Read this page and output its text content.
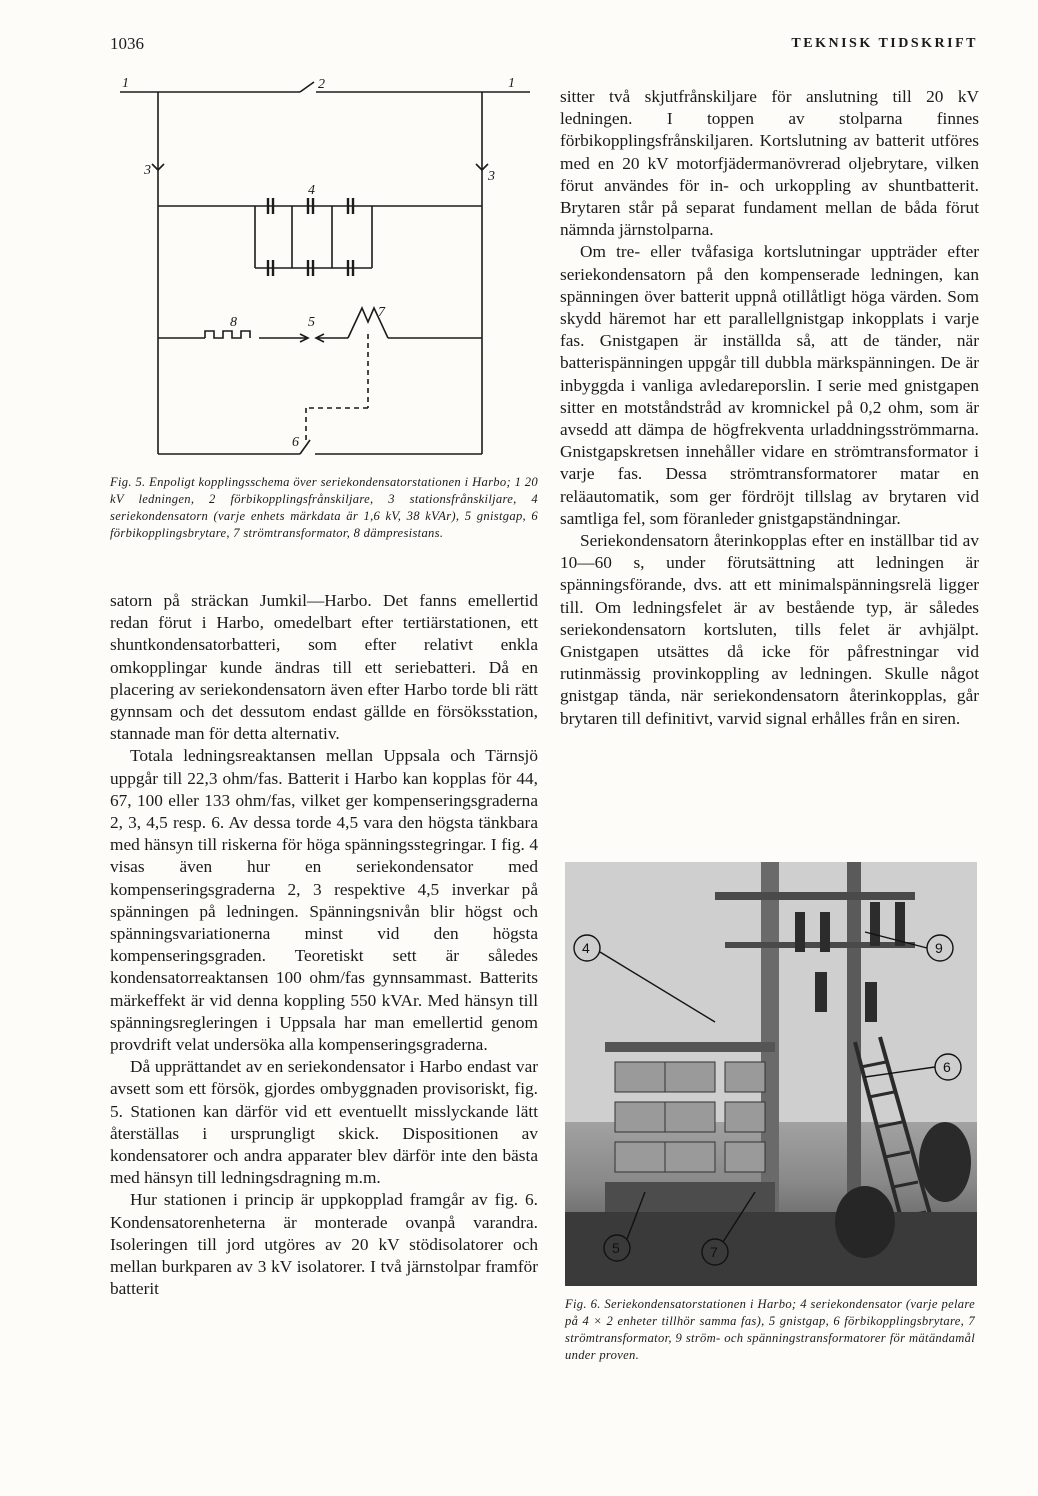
1036	TEKNISK TIDSKRIFT
1	2	1
3	3
4
8	5
7
6
Fig. 5. Enpoligt kopplingsschema över seriekondensatorstationen i Harbo; 1 20 kV ledningen, 2 förbikopplingsfrånskiljare, 3 stationsfrånskiljare, 4 seriekondensatorn (varje enhets märkdata är 1,6 kV, 38 kVAr), 5 gnistgap, 6 förbikopplingsbrytare, 7 strömtransformator, 8 dämpresistans.

satorn på sträckan Jumkil—Harbo. Det fanns emellertid redan förut i Harbo, omedelbart efter tertiärstationen, ett shuntkondensatorbatteri, som efter relativt enkla omkopplingar kunde ändras till ett seriebatteri. Då en placering av seriekondensatorn även efter Harbo torde bli rätt gynnsam och det dessutom endast gällde en försöksstation, stannade man för detta alternativ.

Totala ledningsreaktansen mellan Uppsala och Tärnsjö uppgår till 22,3 ohm/fas. Batterit i Harbo kan kopplas för 44, 67, 100 eller 133 ohm/fas, vilket ger kompenseringsgraderna 2, 3, 4,5 resp. 6. Av dessa torde 4,5 vara den högsta tänkbara med hänsyn till riskerna för höga spänningsstegringar. I fig. 4 visas även hur en seriekondensator med kompenseringsgraderna 2, 3 respektive 4,5 inverkar på spänningen på ledningen. Spänningsnivån blir högst och spänningsvariationerna minst vid den högsta kompenseringsgraden. Teoretiskt sett är således kondensatorreaktansen 100 ohm/fas gynnsammast. Batterits märkeffekt är vid denna koppling 550 kVAr. Med hänsyn till spänningsregleringen i Uppsala har man emellertid genom provdrift velat undersöka alla kompenseringsgraderna.

Då upprättandet av en seriekondensator i Harbo endast var avsett som ett försök, gjordes ombyggnaden provisoriskt, fig. 5. Stationen kan därför vid ett eventuellt misslyckande lätt återställas i ursprungligt skick. Dispositionen av kondensatorer och andra apparater blev därför inte den bästa med hänsyn till ledningsdragning m.m.

Hur stationen i princip är uppkopplad framgår av fig. 6. Kondensatorenheterna är monterade ovanpå varandra. Isoleringen till jord utgöres av 20 kV stödisolatorer och mellan burkparen av 3 kV isolatorer. I två järnstolpar framför batterit

sitter två skjutfrånskiljare för anslutning till 20 kV ledningen. I toppen av stolparna finnes förbikopplingsfrånskiljaren. Kortslutning av batterit utföres med en 20 kV motorfjädermanövrerad oljebrytare, vilken förut användes för in- och urkoppling av shuntbatterit. Brytaren står på separat fundament mellan de båda förut nämnda järnstolparna.

Om tre- eller tvåfasiga kortslutningar uppträder efter seriekondensatorn på den kompenserade ledningen, kan spänningen över batterit uppnå otillåtligt höga värden. Som skydd häremot har ett parallellgnistgap inkopplats i varje fas. Gnistgapen är inställda så, att de tänder, när batterispänningen uppgår till dubbla märkspänningen. De är inbyggda i vanliga avledareporslin. I serie med gnistgapen sitter en motståndstråd av kromnickel på 0,2 ohm, som är avsedd att dämpa de högfrekventa urladdningsströmmarna. Gnistgapskretsen innehåller vidare en strömtransformator i varje fas. Dessa strömtransformatorer matar en reläautomatik, som ger fördröjt tillslag av brytaren vid samtliga fel, som föranleder gnistgapständningar.

Seriekondensatorn återinkopplas efter en inställbar tid av 10—60 s, under förutsättning att ledningen är spänningsförande, dvs. att ett minimalspänningsrelä ligger till. Om ledningsfelet är av bestående typ, är således seriekondensatorn kortsluten, tills felet är avhjälpt. Gnistgapen utsättes då icke för påfrestningar vid rutinmässig provinkoppling av ledningen. Skulle något gnistgap tända, när seriekondensatorn återinkopplas, går brytaren till definitivt, varvid signal erhålles från en siren.

4	9
6
5	7
Fig. 6. Seriekondensatorstationen i Harbo; 4 seriekondensator (varje pelare på 4 × 2 enheter tillhör samma fas), 5 gnistgap, 6 förbikopplingsbrytare, 7 strömtransformator, 9 ström- och spänningstransformatorer för mätändamål under proven.
